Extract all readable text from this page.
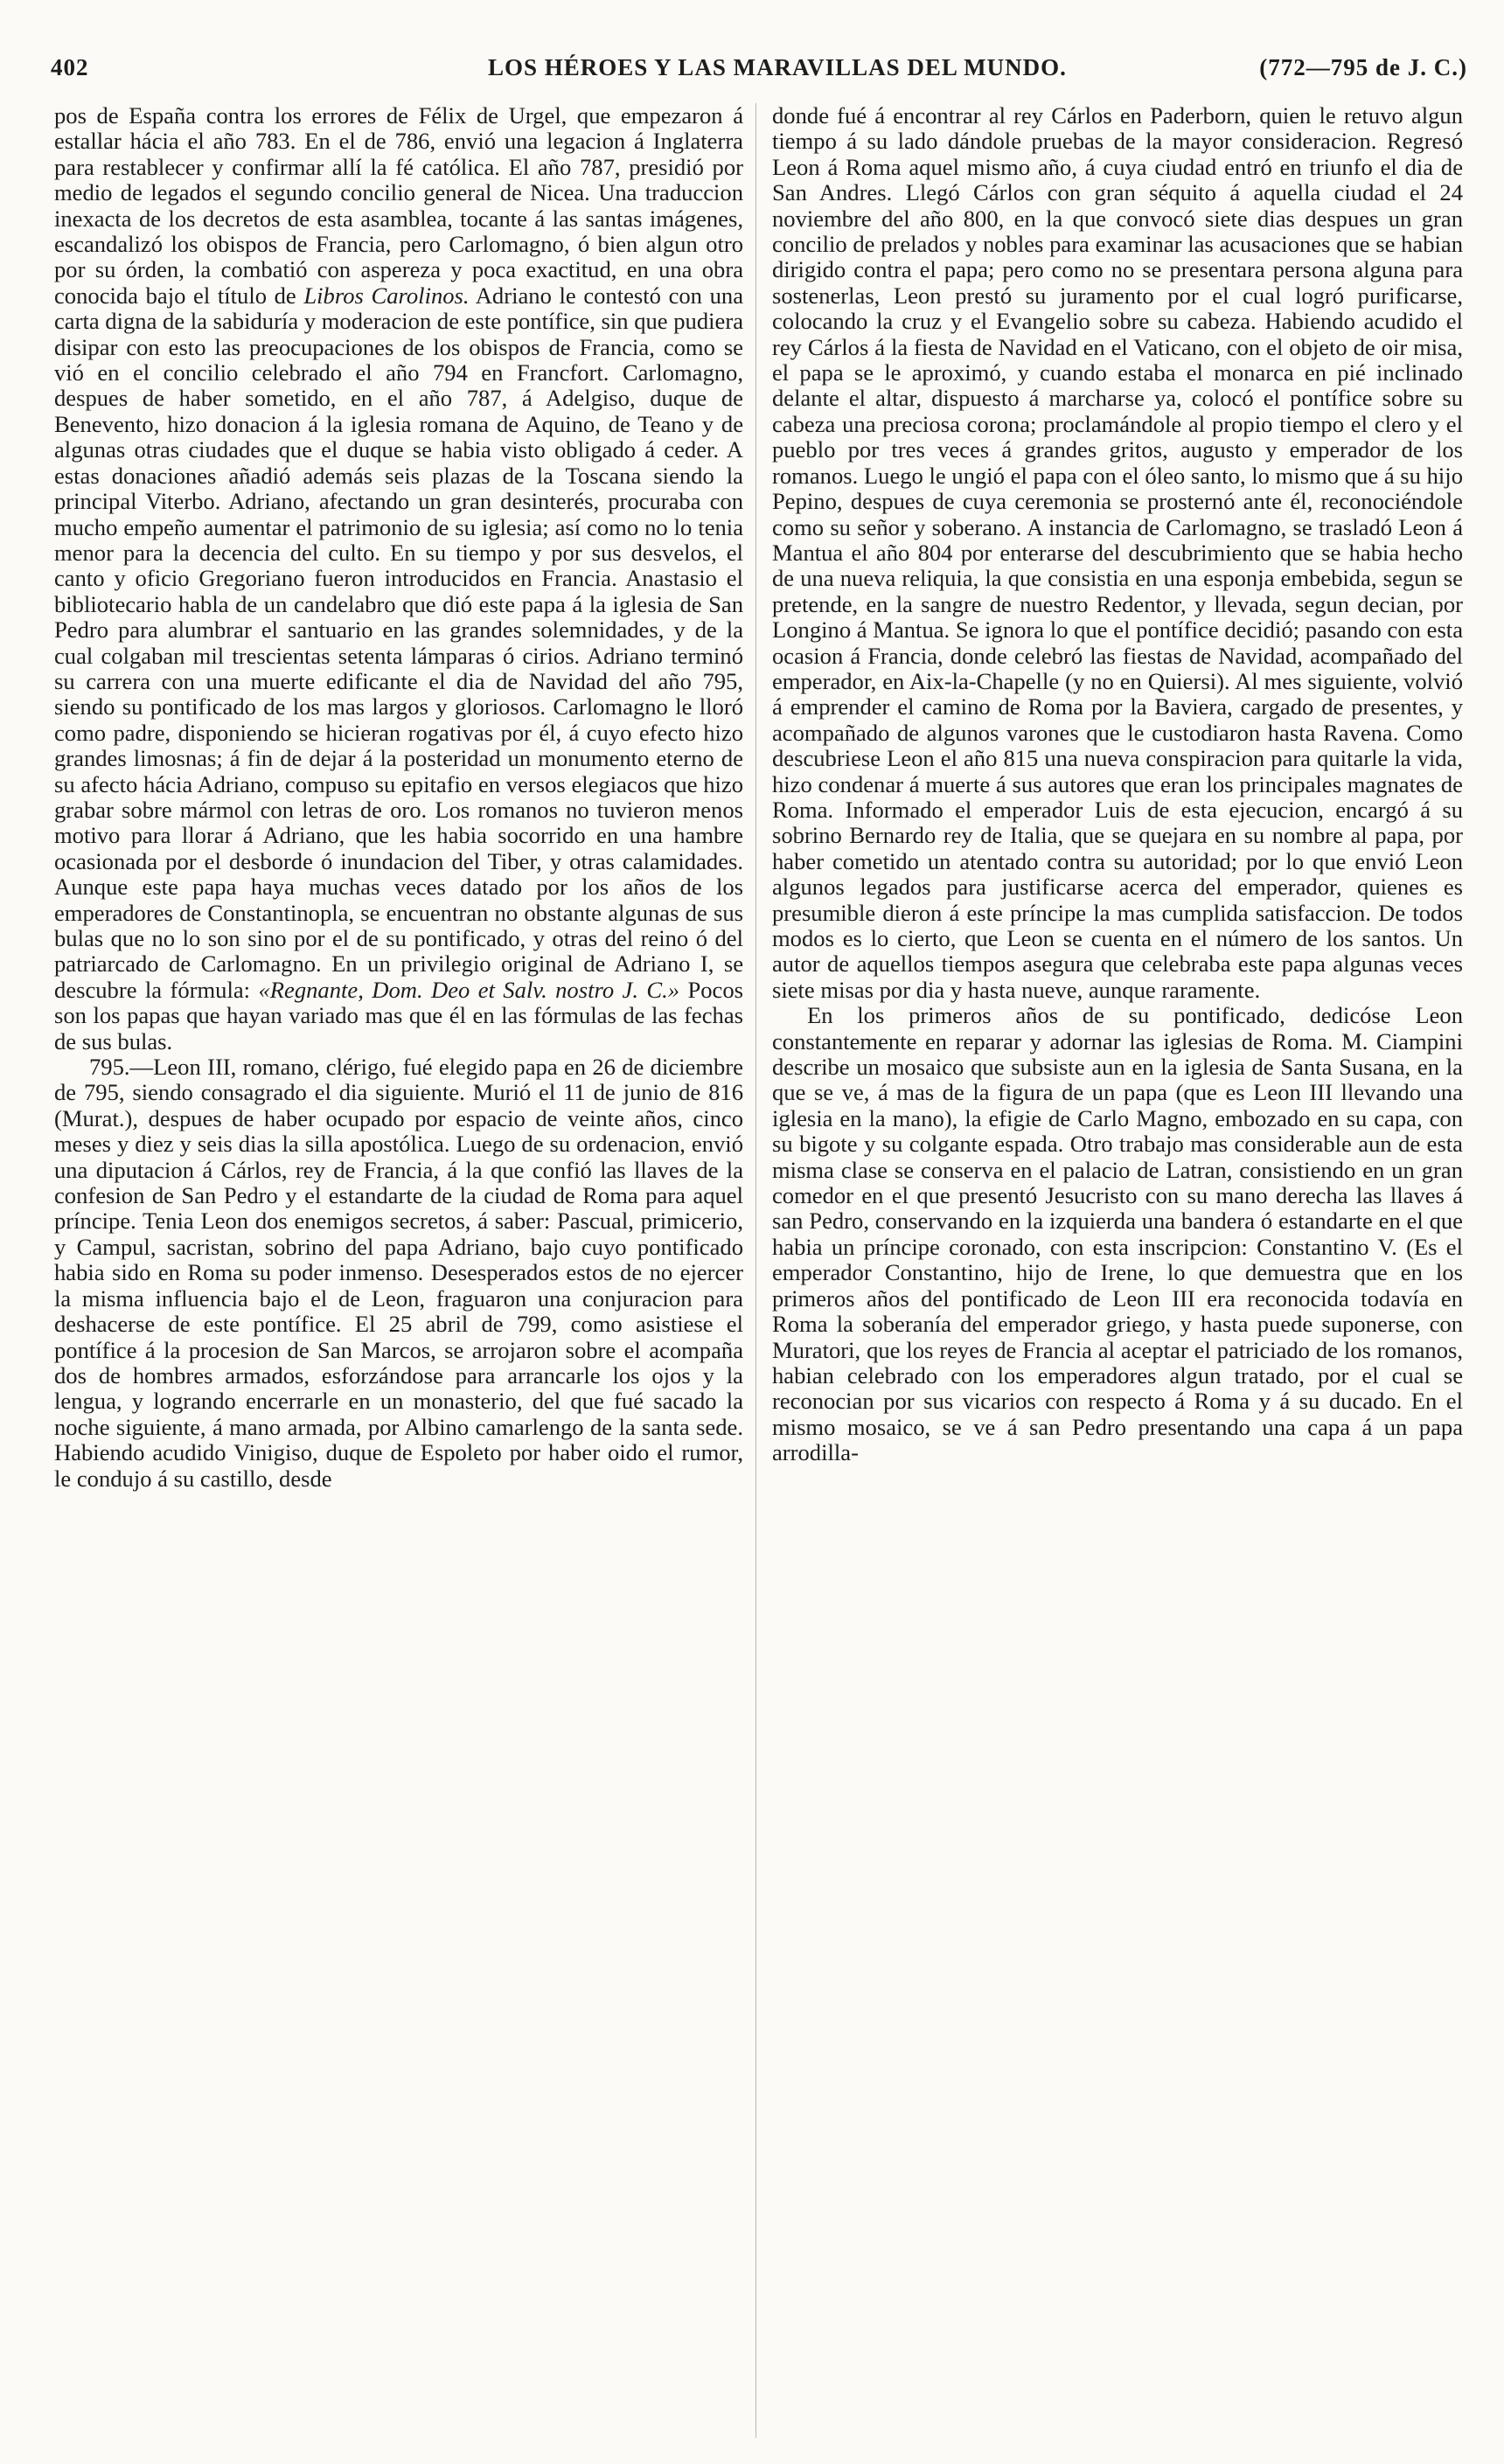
402	LOS HÉROES Y LAS MARAVILLAS DEL MUNDO.	(772—795 de J. C.)

pos de España contra los errores de Félix de Urgel, que empezaron á estallar hácia el año 783. En el de 786, envió una legacion á Inglaterra para restablecer y confirmar allí la fé católica. El año 787, presidió por medio de legados el segundo concilio general de Nicea. Una traduccion inexacta de los decretos de esta asamblea, tocante á las santas imágenes, escandalizó los obispos de Francia, pero Carlomagno, ó bien algun otro por su órden, la combatió con aspereza y poca exactitud, en una obra conocida bajo el título de Libros Carolinos. Adriano le contestó con una carta digna de la sabiduría y moderacion de este pontífice, sin que pudiera disipar con esto las preocupaciones de los obispos de Francia, como se vió en el concilio celebrado el año 794 en Francfort. Carlomagno, despues de haber sometido, en el año 787, á Adelgiso, duque de Benevento, hizo donacion á la iglesia romana de Aquino, de Teano y de algunas otras ciudades que el duque se habia visto obligado á ceder. A estas donaciones añadió además seis plazas de la Toscana siendo la principal Viterbo. Adriano, afectando un gran desinterés, procuraba con mucho empeño aumentar el patrimonio de su iglesia; así como no lo tenia menor para la decencia del culto. En su tiempo y por sus desvelos, el canto y oficio Gregoriano fueron introducidos en Francia. Anastasio el bibliotecario habla de un candelabro que dió este papa á la iglesia de San Pedro para alumbrar el santuario en las grandes solemnidades, y de la cual colgaban mil trescientas setenta lámparas ó cirios. Adriano terminó su carrera con una muerte edificante el dia de Navidad del año 795, siendo su pontificado de los mas largos y gloriosos. Carlomagno le lloró como padre, disponiendo se hicieran rogativas por él, á cuyo efecto hizo grandes limosnas; á fin de dejar á la posteridad un monumento eterno de su afecto hácia Adriano, compuso su epitafio en versos elegiacos que hizo grabar sobre mármol con letras de oro. Los romanos no tuvieron menos motivo para llorar á Adriano, que les habia socorrido en una hambre ocasionada por el desborde ó inundacion del Tiber, y otras calamidades. Aunque este papa haya muchas veces datado por los años de los emperadores de Constantinopla, se encuentran no obstante algunas de sus bulas que no lo son sino por el de su pontificado, y otras del reino ó del patriarcado de Carlomagno. En un privilegio original de Adriano I, se descubre la fórmula: «Regnante, Dom. Deo et Salv. nostro J. C.» Pocos son los papas que hayan variado mas que él en las fórmulas de las fechas de sus bulas.

795.—Leon III, romano, clérigo, fué elegido papa en 26 de diciembre de 795, siendo consagrado el dia siguiente. Murió el 11 de junio de 816 (Murat.), despues de haber ocupado por espacio de veinte años, cinco meses y diez y seis dias la silla apostólica. Luego de su ordenacion, envió una diputacion á Cárlos, rey de Francia, á la que confió las llaves de la confesion de San Pedro y el estandarte de la ciudad de Roma para aquel príncipe. Tenia Leon dos enemigos secretos, á saber: Pascual, primicerio, y Campul, sacristan, sobrino del papa Adriano, bajo cuyo pontificado habia sido en Roma su poder inmenso. Desesperados estos de no ejercer la misma influencia bajo el de Leon, fraguaron una conjuracion para deshacerse de este pontífice. El 25 abril de 799, como asistiese el pontífice á la procesion de San Marcos, se arrojaron sobre el acompaña dos de hombres armados, esforzándose para arrancarle los ojos y la lengua, y logrando encerrarle en un monasterio, del que fué sacado la noche siguiente, á mano armada, por Albino camarlengo de la santa sede. Habiendo acudido Vinigiso, duque de Espoleto por haber oido el rumor, le condujo á su castillo, desde

donde fué á encontrar al rey Cárlos en Paderborn, quien le retuvo algun tiempo á su lado dándole pruebas de la mayor consideracion. Regresó Leon á Roma aquel mismo año, á cuya ciudad entró en triunfo el dia de San Andres. Llegó Cárlos con gran séquito á aquella ciudad el 24 noviembre del año 800, en la que convocó siete dias despues un gran concilio de prelados y nobles para examinar las acusaciones que se habian dirigido contra el papa; pero como no se presentara persona alguna para sostenerlas, Leon prestó su juramento por el cual logró purificarse, colocando la cruz y el Evangelio sobre su cabeza. Habiendo acudido el rey Cárlos á la fiesta de Navidad en el Vaticano, con el objeto de oir misa, el papa se le aproximó, y cuando estaba el monarca en pié inclinado delante el altar, dispuesto á marcharse ya, colocó el pontífice sobre su cabeza una preciosa corona; proclamándole al propio tiempo el clero y el pueblo por tres veces á grandes gritos, augusto y emperador de los romanos. Luego le ungió el papa con el óleo santo, lo mismo que á su hijo Pepino, despues de cuya ceremonia se prosternó ante él, reconociéndole como su señor y soberano. A instancia de Carlomagno, se trasladó Leon á Mantua el año 804 por enterarse del descubrimiento que se habia hecho de una nueva reliquia, la que consistia en una esponja embebida, segun se pretende, en la sangre de nuestro Redentor, y llevada, segun decian, por Longino á Mantua. Se ignora lo que el pontífice decidió; pasando con esta ocasion á Francia, donde celebró las fiestas de Navidad, acompañado del emperador, en Aix-la-Chapelle (y no en Quiersi). Al mes siguiente, volvió á emprender el camino de Roma por la Baviera, cargado de presentes, y acompañado de algunos varones que le custodiaron hasta Ravena. Como descubriese Leon el año 815 una nueva conspiracion para quitarle la vida, hizo condenar á muerte á sus autores que eran los principales magnates de Roma. Informado el emperador Luis de esta ejecucion, encargó á su sobrino Bernardo rey de Italia, que se quejara en su nombre al papa, por haber cometido un atentado contra su autoridad; por lo que envió Leon algunos legados para justificarse acerca del emperador, quienes es presumible dieron á este príncipe la mas cumplida satisfaccion. De todos modos es lo cierto, que Leon se cuenta en el número de los santos. Un autor de aquellos tiempos asegura que celebraba este papa algunas veces siete misas por dia y hasta nueve, aunque raramente.

En los primeros años de su pontificado, dedicóse Leon constantemente en reparar y adornar las iglesias de Roma. M. Ciampini describe un mosaico que subsiste aun en la iglesia de Santa Susana, en la que se ve, á mas de la figura de un papa (que es Leon III llevando una iglesia en la mano), la efigie de Carlo Magno, embozado en su capa, con su bigote y su colgante espada. Otro trabajo mas considerable aun de esta misma clase se conserva en el palacio de Latran, consistiendo en un gran comedor en el que presentó Jesucristo con su mano derecha las llaves á san Pedro, conservando en la izquierda una bandera ó estandarte en el que habia un príncipe coronado, con esta inscripcion: Constantino V. (Es el emperador Constantino, hijo de Irene, lo que demuestra que en los primeros años del pontificado de Leon III era reconocida todavía en Roma la soberanía del emperador griego, y hasta puede suponerse, con Muratori, que los reyes de Francia al aceptar el patriciado de los romanos, habian celebrado con los emperadores algun tratado, por el cual se reconocian por sus vicarios con respecto á Roma y á su ducado. En el mismo mosaico, se ve á san Pedro presentando una capa á un papa arrodilla-
